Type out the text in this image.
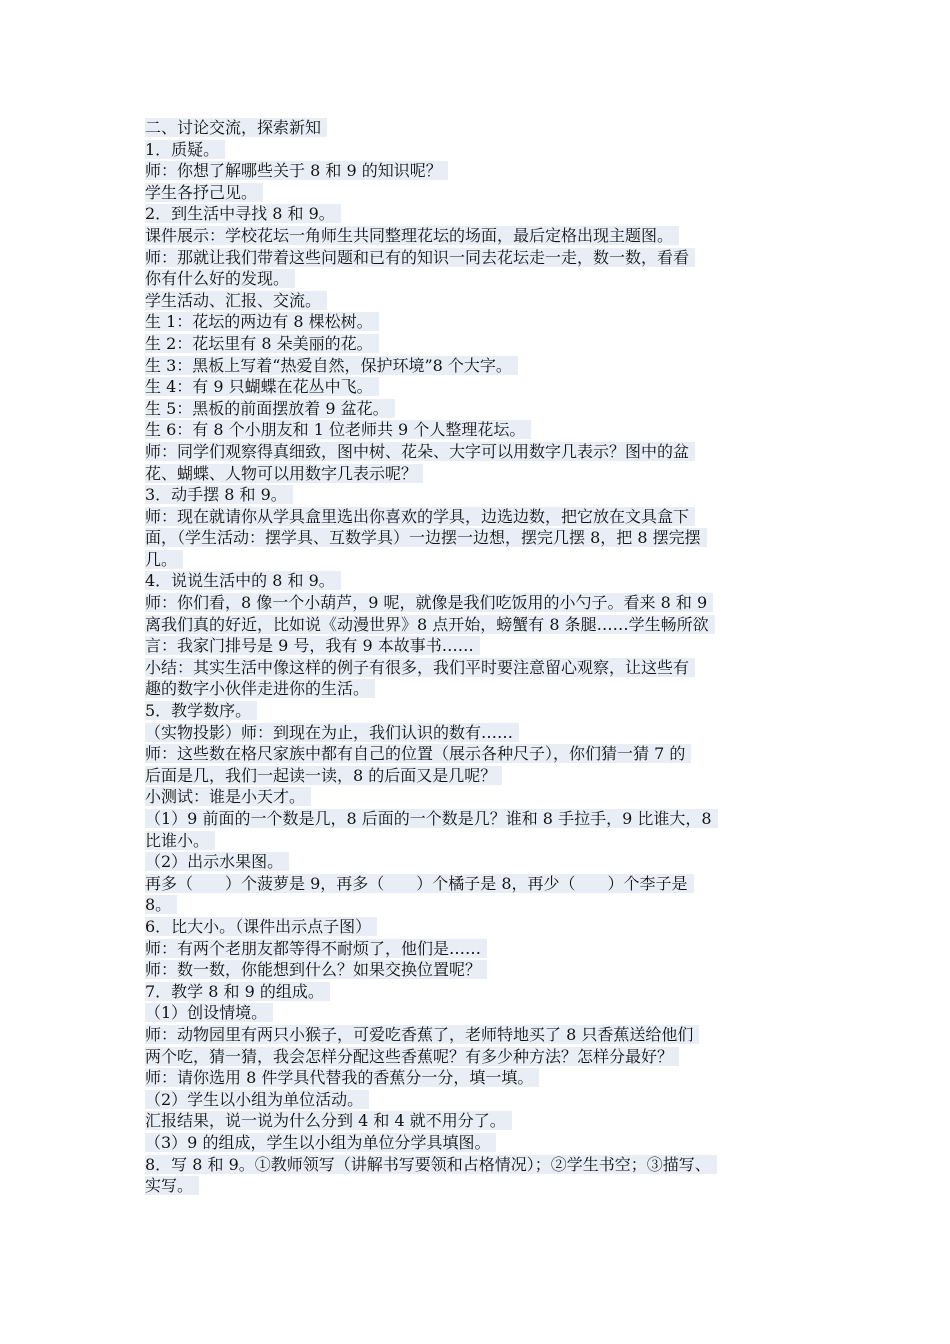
二、讨论交流，探索新知
1．质疑。
师：你想了解哪些关于 8 和 9 的知识呢？
学生各抒己见。
2．到生活中寻找 8 和 9。
课件展示：学校花坛一角师生共同整理花坛的场面，最后定格出现主题图。
师：那就让我们带着这些问题和已有的知识一同去花坛走一走，数一数，看看
你有什么好的发现。
学生活动、汇报、交流。
生 1：花坛的两边有 8 棵松树。
生 2：花坛里有 8 朵美丽的花。
生 3：黑板上写着“热爱自然，保护环境”8 个大字。
生 4：有 9 只蝴蝶在花丛中飞。
生 5：黑板的前面摆放着 9 盆花。
生 6：有 8 个小朋友和 1 位老师共 9 个人整理花坛。
师：同学们观察得真细致，图中树、花朵、大字可以用数字几表示？图中的盆
花、蝴蝶、人物可以用数字几表示呢？
3．动手摆 8 和 9。
师：现在就请你从学具盒里选出你喜欢的学具，边选边数，把它放在文具盒下
面，（学生活动：摆学具、互数学具）一边摆一边想，摆完几摆 8，把 8 摆完摆
几。
4．说说生活中的 8 和 9。
师：你们看，8 像一个小葫芦，9 呢，就像是我们吃饭用的小勺子。看来 8 和 9
离我们真的好近，比如说《动漫世界》8 点开始，螃蟹有 8 条腿……学生畅所欲
言：我家门排号是 9 号，我有 9 本故事书……
小结：其实生活中像这样的例子有很多，我们平时要注意留心观察，让这些有
趣的数字小伙伴走进你的生活。
5．教学数序。
（实物投影）师：到现在为止，我们认识的数有……
师：这些数在格尺家族中都有自己的位置（展示各种尺子），你们猜一猜 7 的
后面是几，我们一起读一读，8 的后面又是几呢？
小测试：谁是小天才。
（1）9 前面的一个数是几，8 后面的一个数是几？谁和 8 手拉手，9 比谁大，8
比谁小。
（2）出示水果图。
再多（　　）个菠萝是 9，再多（　　）个橘子是 8，再少（　　）个李子是
8。
6．比大小。（课件出示点子图）
师：有两个老朋友都等得不耐烦了，他们是……
师：数一数，你能想到什么？如果交换位置呢？
7．教学 8 和 9 的组成。
（1）创设情境。
师：动物园里有两只小猴子，可爱吃香蕉了，老师特地买了 8 只香蕉送给他们
两个吃，猜一猜，我会怎样分配这些香蕉呢？有多少种方法？怎样分最好？
师：请你选用 8 件学具代替我的香蕉分一分，填一填。
（2）学生以小组为单位活动。
汇报结果，说一说为什么分到 4 和 4 就不用分了。
（3）9 的组成，学生以小组为单位分学具填图。
8．写 8 和 9。①教师领写（讲解书写要领和占格情况）；②学生书空；③描写、
实写。
